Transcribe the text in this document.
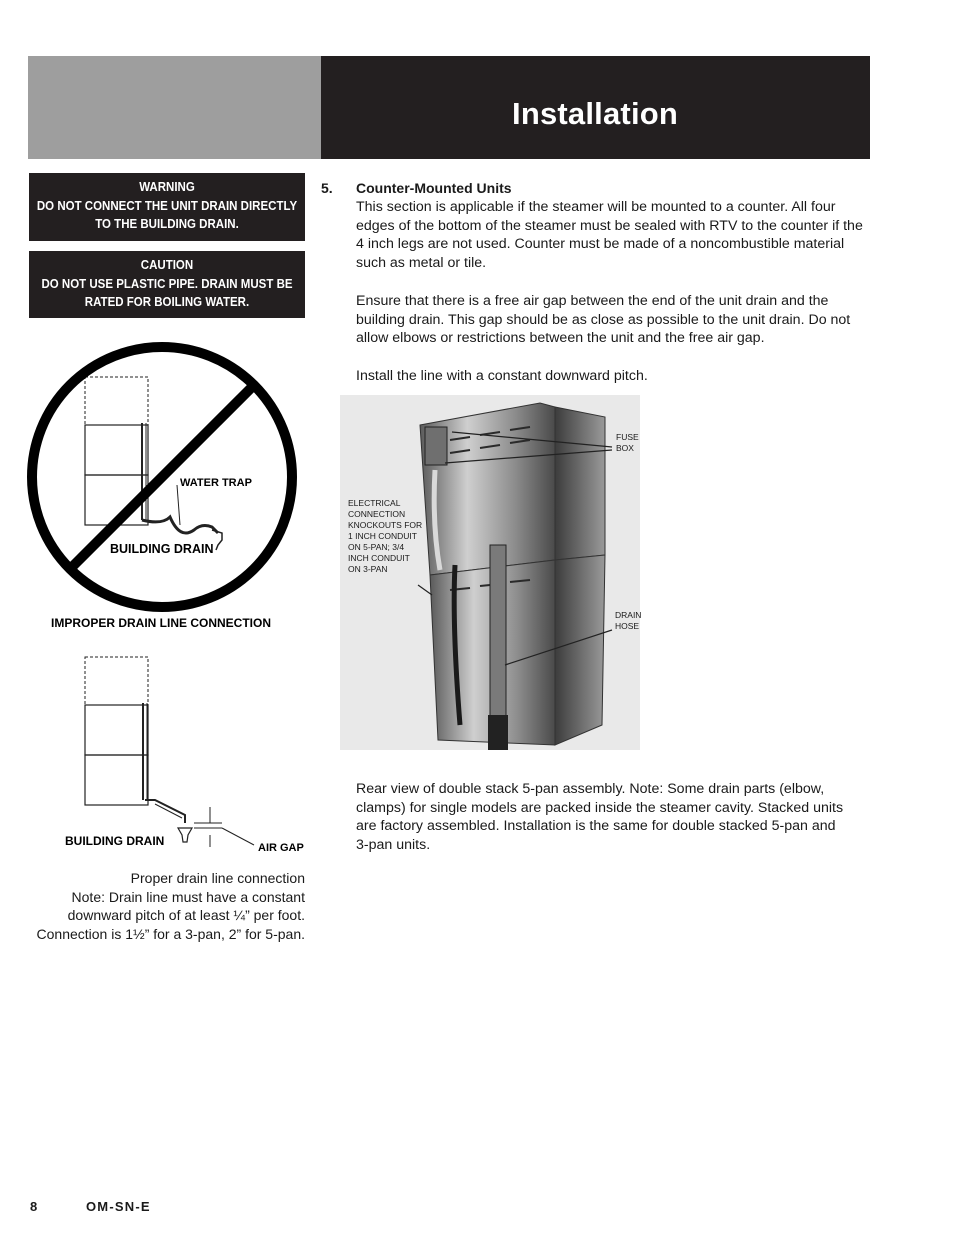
Installation
WARNING
DO NOT CONNECT THE UNIT DRAIN DIRECTLY
TO THE BUILDING DRAIN.
CAUTION
DO NOT USE PLASTIC PIPE. DRAIN MUST BE
RATED FOR BOILING WATER.
WATER TRAP
BUILDING DRAIN
IMPROPER DRAIN LINE CONNECTION
BUILDING DRAIN	AIR GAP
Proper drain line connection
Note: Drain line must have a constant
downward pitch of at least ¼” per foot.
Connection is 1½” for a 3-pan, 2” for 5-pan.
5. Counter-Mounted Units
This section is applicable if the steamer will be mounted to a counter. All four
edges of the bottom of the steamer must be sealed with RTV to the counter if the
4 inch legs are not used. Counter must be made of a noncombustible material
such as metal or tile.
Ensure that there is a free air gap between the end of the unit drain and the
building drain. This gap should be as close as possible to the unit drain. Do not
allow elbows or restrictions between the unit and the free air gap.
Install the line with a constant downward pitch.
FUSE
BOX
ELECTRICAL
CONNECTION
KNOCKOUTS FOR
1 INCH CONDUIT
ON 5-PAN; 3/4
INCH CONDUIT
ON 3-PAN
DRAIN
HOSE
Rear view of double stack 5-pan assembly. Note: Some drain parts (elbow,
clamps) for single models are packed inside the steamer cavity. Stacked units
are factory assembled. Installation is the same for double stacked 5-pan and
3-pan units.
8	OM-SN-E
